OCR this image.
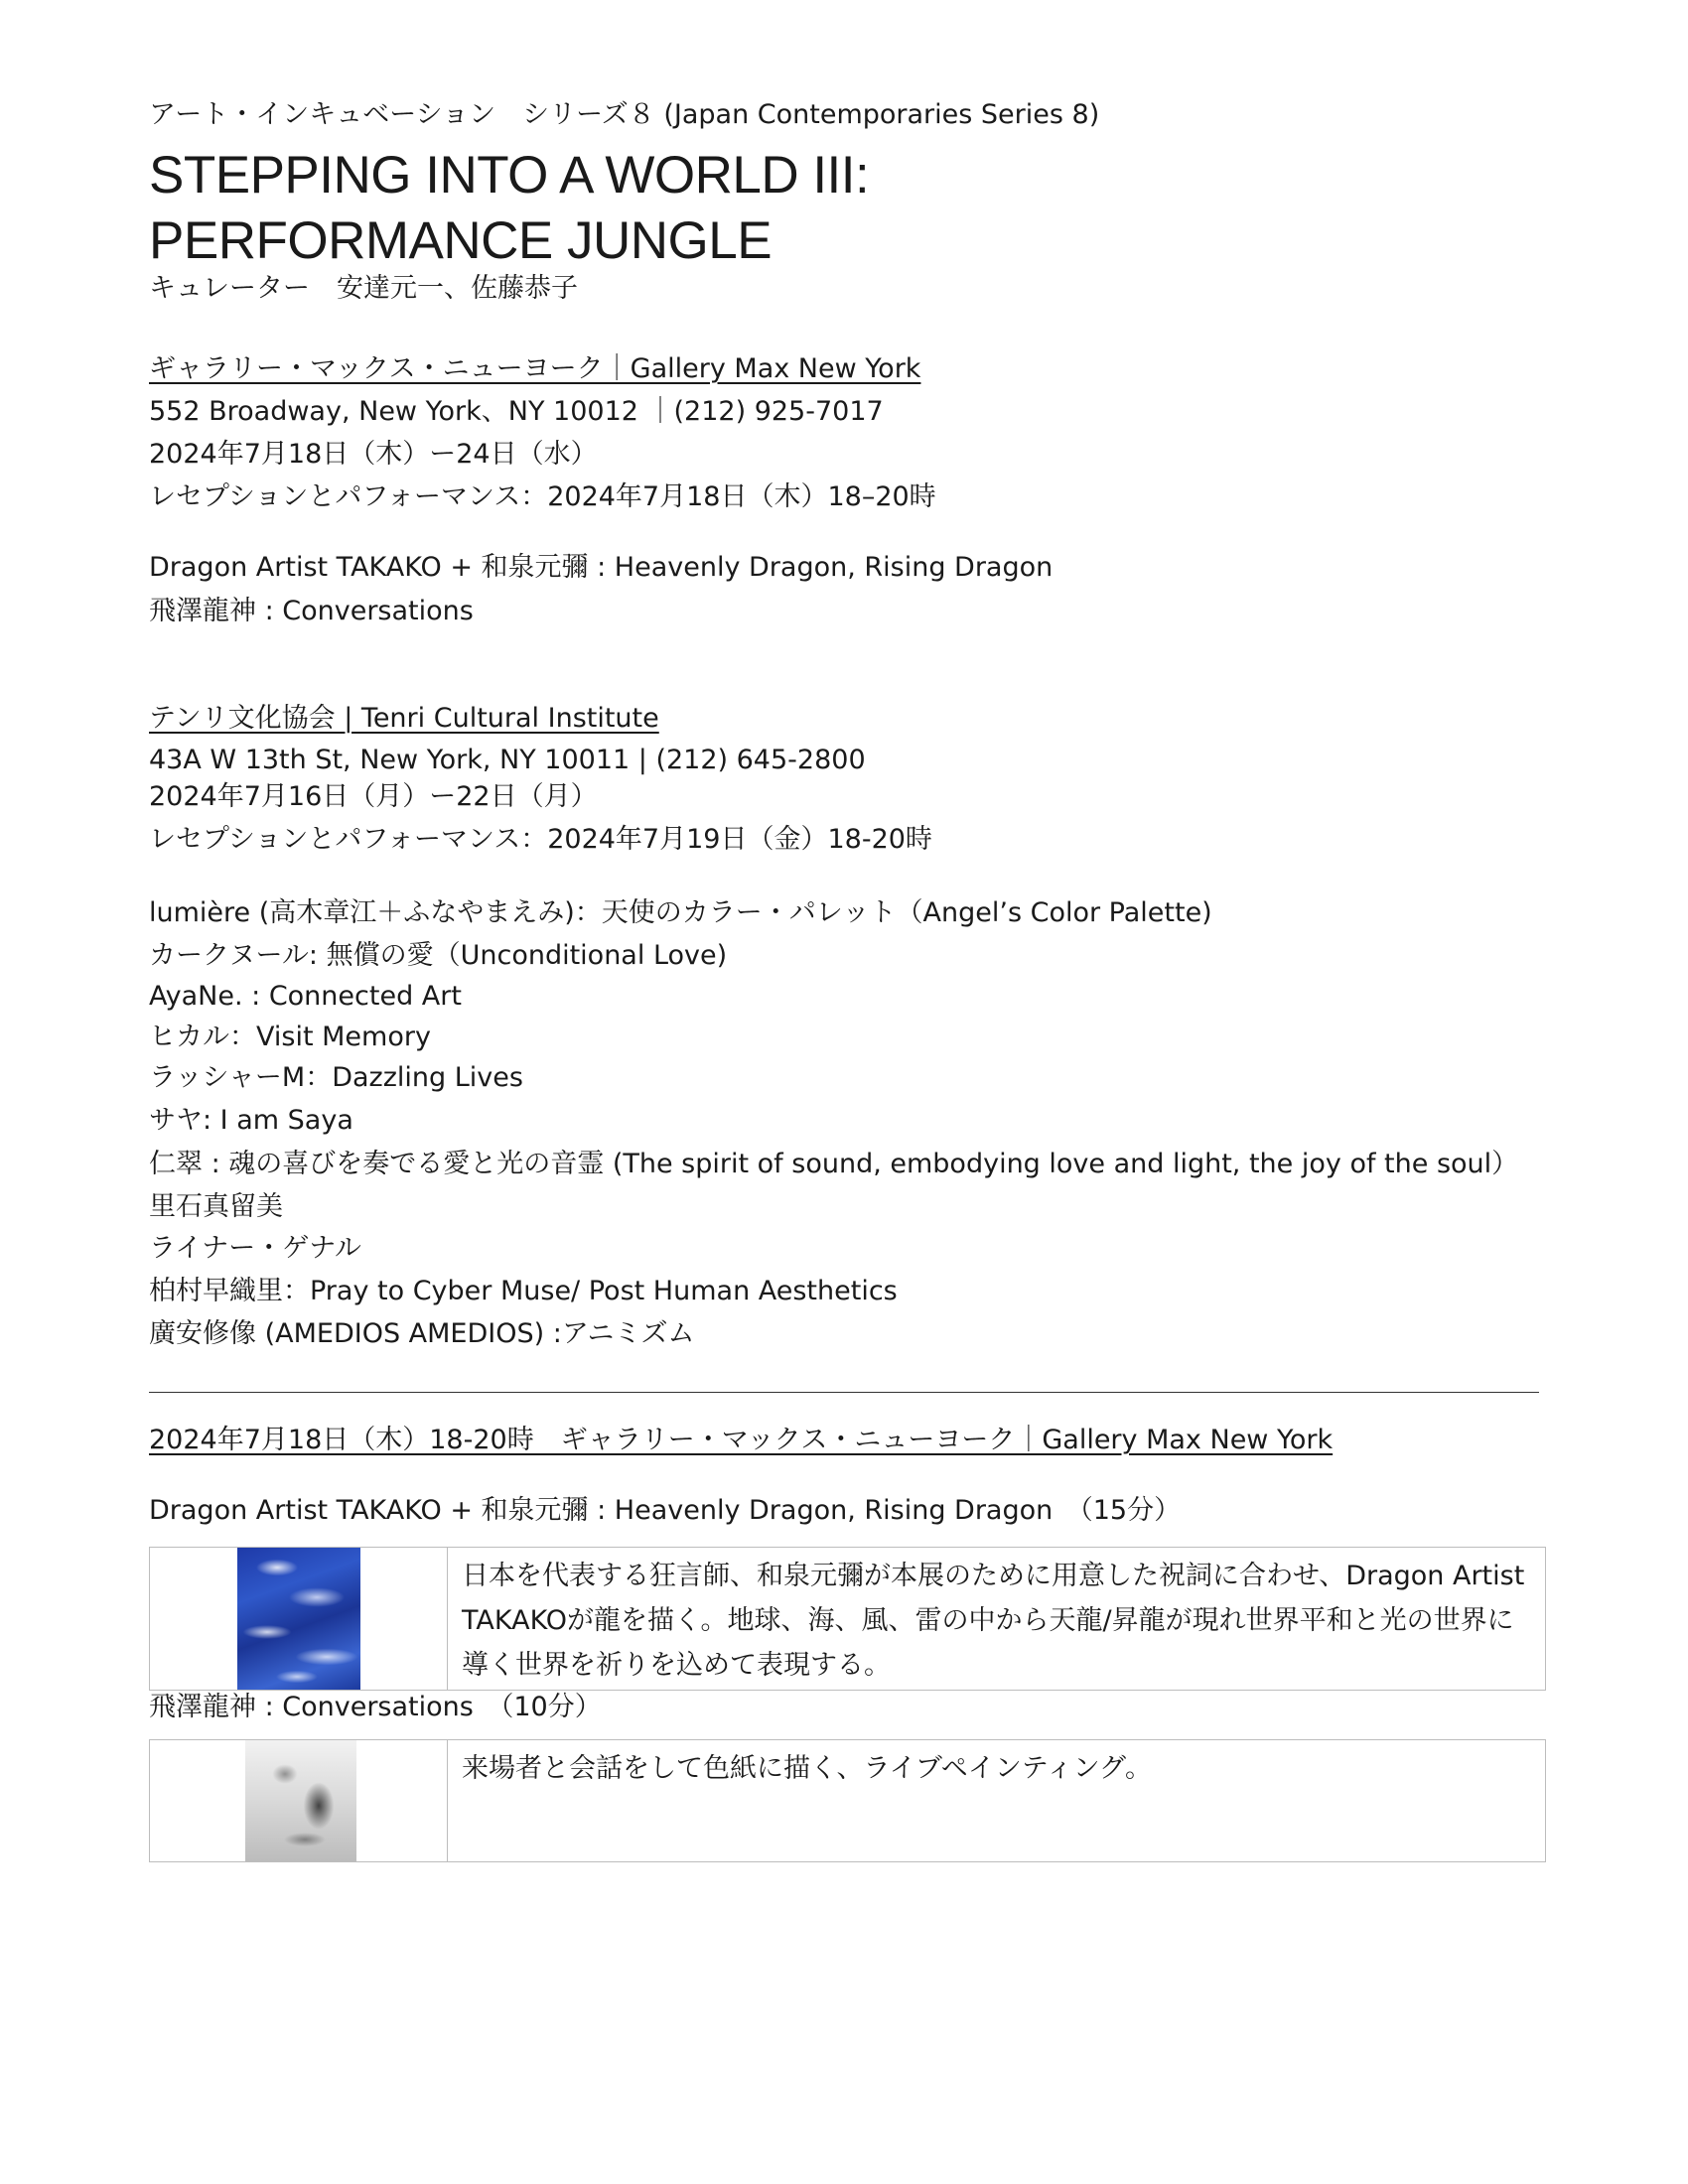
アート・インキュベーション　シリーズ８ (Japan Contemporaries Series 8)
STEPPING INTO A WORLD III:
PERFORMANCE JUNGLE
キュレーター　安達元一、佐藤恭子
ギャラリー・マックス・ニューヨーク｜Gallery Max New York
552 Broadway, New York、NY 10012 ｜(212) 925-7017
2024年7月18日（木）ー24日（水）
レセプションとパフォーマンス：2024年7月18日（木）18–20時
Dragon Artist TAKAKO + 和泉元彌 : Heavenly Dragon, Rising Dragon
飛澤龍神 : Conversations
テンリ文化協会 | Tenri Cultural Institute
43A W 13th St, New York, NY 10011 | (212) 645-2800
2024年7月16日（月）ー22日（月）
レセプションとパフォーマンス：2024年7月19日（金）18-20時
lumière (高木章江＋ふなやまえみ)：天使のカラー・パレット（Angel’s Color Palette)
カークヌール: 無償の愛（Unconditional Love)
AyaNe. : Connected Art
ヒカル：Visit Memory
ラッシャーM：Dazzling Lives
サヤ: I am Saya
仁翠 : 魂の喜びを奏でる愛と光の音霊 (The spirit of sound, embodying love and light, the joy of the soul）
里石真留美
ライナー・ゲナル
柏村早織里：Pray to Cyber Muse/ Post Human Aesthetics
廣安修像 (AMEDIOS AMEDIOS) :アニミズム
2024年7月18日（木）18-20時　ギャラリー・マックス・ニューヨーク｜Gallery Max New York
Dragon Artist TAKAKO + 和泉元彌 : Heavenly Dragon, Rising Dragon　（15分）
	日本を代表する狂言師、和泉元彌が本展のために用意した祝詞に合わせ、Dragon Artist TAKAKOが龍を描く。地球、海、風、雷の中から天龍/昇龍が現れ世界平和と光の世界に導く世界を祈りを込めて表現する。
飛澤龍神 : Conversations　（10分）
	来場者と会話をして色紙に描く、ライブペインティング。
